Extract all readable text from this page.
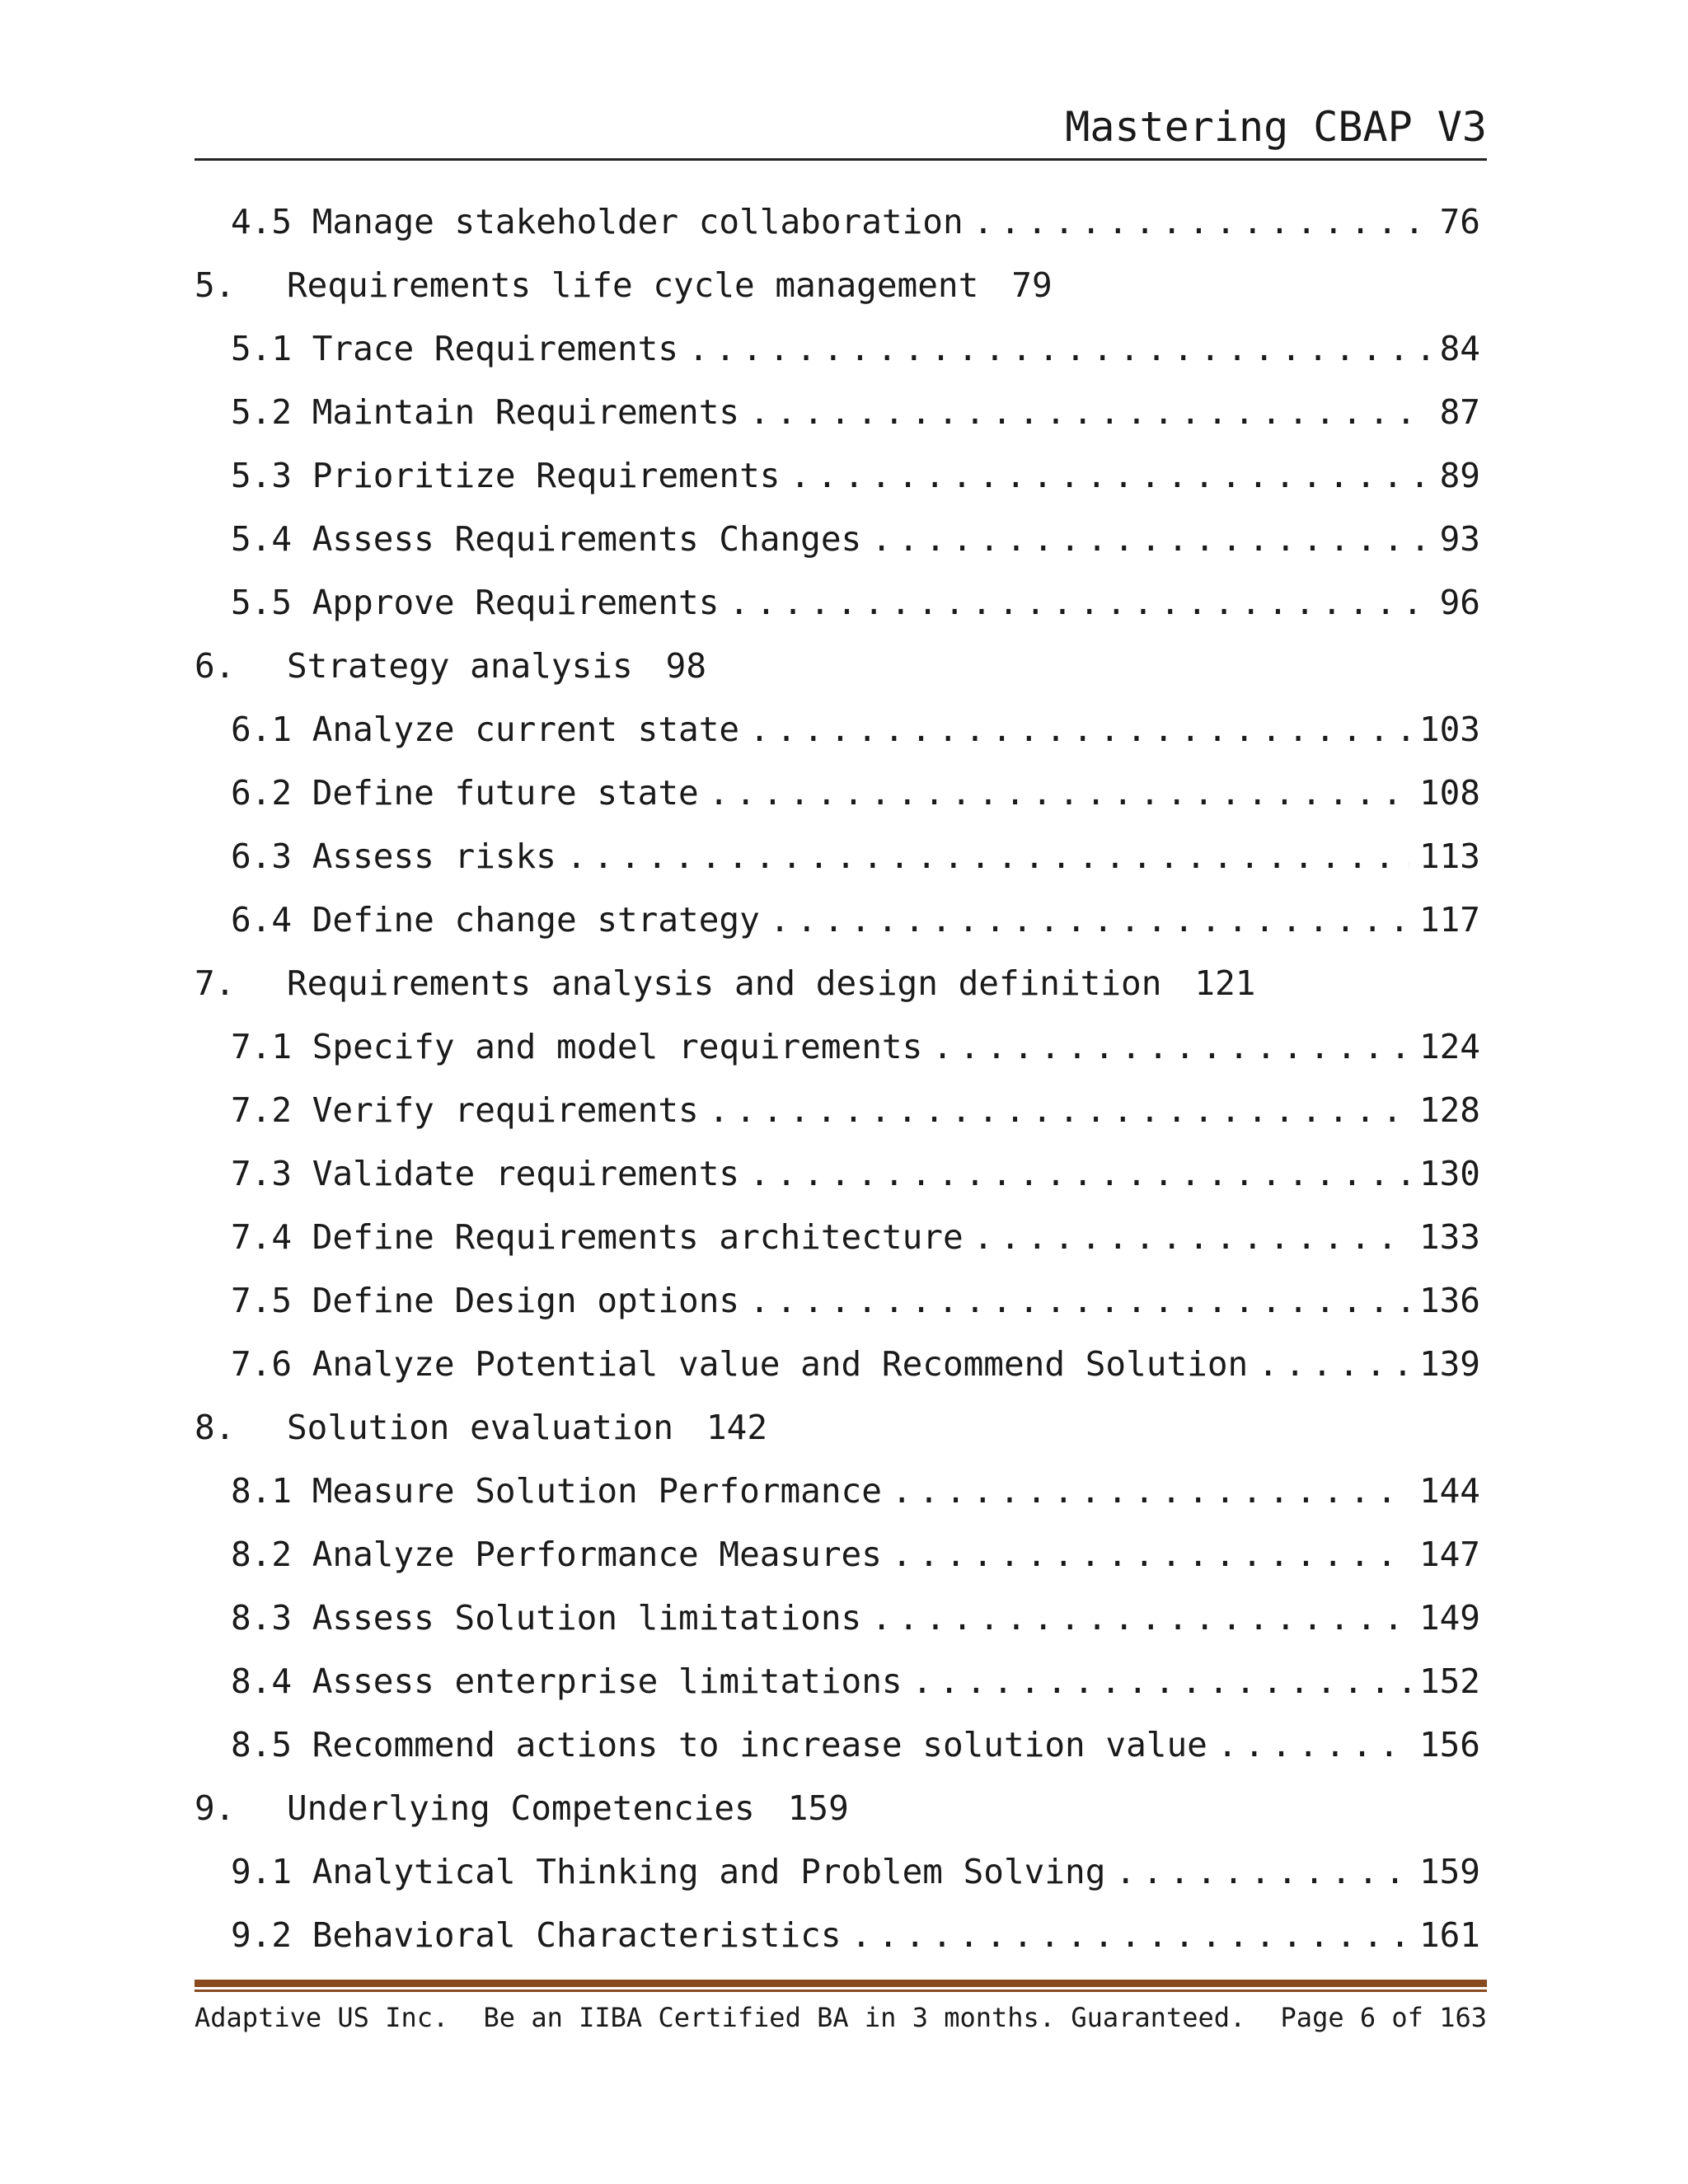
Mastering CBAP V3
4.5 Manage stakeholder collaboration .....	76
5.	Requirements life cycle management 79
5.1 Trace Requirements .....	84
5.2 Maintain Requirements .....	87
5.3 Prioritize Requirements .....	89
5.4 Assess Requirements Changes .....	93
5.5 Approve Requirements .....	96
6.	Strategy analysis 98
6.1 Analyze current state .....	103
6.2 Define future state .....	108
6.3 Assess risks .....	113
6.4 Define change strategy .....	117
7.	Requirements analysis and design definition 121
7.1 Specify and model requirements .....	124
7.2 Verify requirements .....	128
7.3 Validate requirements .....	130
7.4 Define Requirements architecture .....	133
7.5 Define Design options .....	136
7.6 Analyze Potential value and Recommend Solution .....	139
8.	Solution evaluation 142
8.1 Measure Solution Performance .....	144
8.2 Analyze Performance Measures .....	147
8.3 Assess Solution limitations .....	149
8.4 Assess enterprise limitations .....	152
8.5 Recommend actions to increase solution value .....	156
9.	Underlying Competencies 159
9.1 Analytical Thinking and Problem Solving .....	159
9.2 Behavioral Characteristics .....	161
Adaptive US Inc. Be an IIBA Certified BA in 3 months. Guaranteed. Page 6 of 163
